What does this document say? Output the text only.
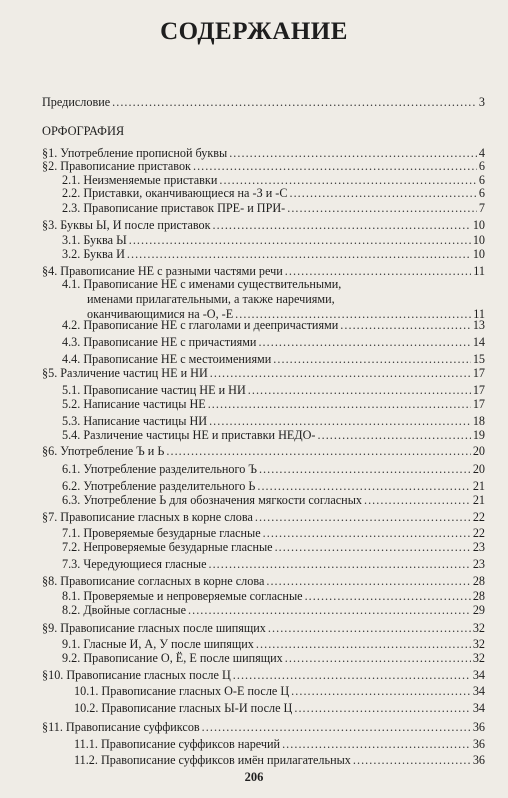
СОДЕРЖАНИЕ
Предисловие . . .	3
ОРФОГРАФИЯ
§1. Употребление прописной буквы . . .	4
§2. Правописание приставок . . .	6
2.1. Неизменяемые приставки . . .	6
2.2. Приставки, оканчивающиеся на -З и -С . . .	6
2.3. Правописание приставок ПРЕ- и ПРИ- . . .	7
§3. Буквы Ы, И после приставок . . .	10
3.1. Буква Ы . . .	10
3.2. Буква И . . .	10
§4. Правописание НЕ с разными частями речи . . .	11
4.1. Правописание НЕ с именами существительными,
именами прилагательными, а также наречиями,
оканчивающимися на -О, -Е . . .	11
4.2. Правописание НЕ с глаголами и деепричастиями . . .	13
4.3. Правописание НЕ с причастиями . . .	14
4.4. Правописание НЕ с местоимениями . . .	15
§5. Различение частиц НЕ и НИ . . .	17
5.1. Правописание частиц НЕ и НИ . . .	17
5.2. Написание частицы НЕ . . .	17
5.3. Написание частицы НИ . . .	18
5.4. Различение частицы НЕ и приставки НЕДО- . . .	19
§6. Употребление Ъ и Ь . . .	20
6.1. Употребление разделительного Ъ . . .	20
6.2. Употребление разделительного Ь . . .	21
6.3. Употребление Ь для обозначения мягкости согласных . . .	21
§7. Правописание гласных в корне слова . . .	22
7.1. Проверяемые безударные гласные . . .	22
7.2. Непроверяемые безударные гласные . . .	23
7.3. Чередующиеся гласные . . .	23
§8. Правописание согласных в корне слова . . .	28
8.1. Проверяемые и непроверяемые согласные . . .	28
8.2. Двойные согласные . . .	29
§9. Правописание гласных после шипящих . . .	32
9.1. Гласные И, А, У после шипящих . . .	32
9.2. Правописание О, Ё, Е после шипящих . . .	32
§10. Правописание гласных после Ц . . .	34
10.1. Правописание гласных О-Е после Ц . . .	34
10.2. Правописание гласных Ы-И после Ц . . .	34
§11. Правописание суффиксов . . .	36
11.1. Правописание суффиксов наречий . . .	36
11.2. Правописание суффиксов имён прилагательных . . .	36
206
